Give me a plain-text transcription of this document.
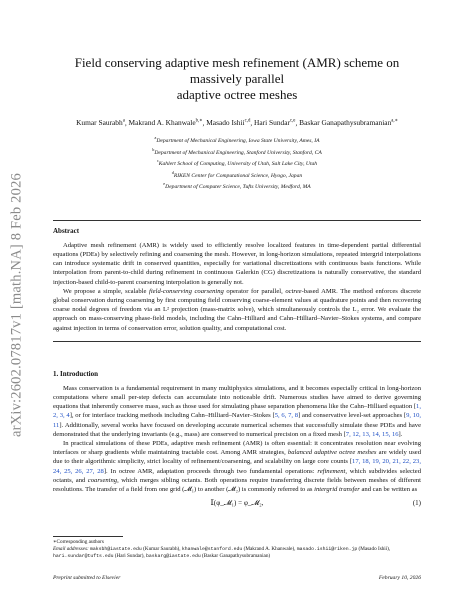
arXiv:2602.07817v1 [math.NA] 8 Feb 2026
Field conserving adaptive mesh refinement (AMR) scheme on massively parallel
adaptive octree meshes
Kumar Saurabh$^a$, Makrand A. Khanwale$^{b,∗}$, Masado Ishii$^{c,d}$, Hari Sundar$^{c,e}$, Baskar Ganapathysubramanian$^{a,∗}$
$^a$Department of Mechanical Engineering, Iowa State University, Ames, IA
$^b$Department of Mechanical Engineering, Stanford University, Stanford, CA
$^c$Kahlert School of Computing, University of Utah, Salt Lake City, Utah
$^d$RIKEN Center for Computational Science, Hyogo, Japan
$^e$Department of Computer Science, Tufts University, Medford, MA
Abstract

Adaptive mesh refinement (AMR) is widely used to efficiently resolve localized features in time-dependent partial differential equations (PDEs) by selectively refining and coarsening the mesh. However, in long-horizon simulations, repeated intergrid interpolations can introduce systematic drift in conserved quantities, especially for variational discretizations with continuous basis functions. While interpolation from parent-to-child during refinement in continuous Galerkin (CG) discretizations is naturally conservative, the standard injection-based child-to-parent coarsening interpolation is generally not.

We propose a simple, scalable field-conserving coarsening operator for parallel, octree-based AMR. The method enforces discrete global conservation during coarsening by first computing field conserving coarse-element values at quadrature points and then recovering coarse nodal degrees of freedom via an L² projection (mass-matrix solve), which simultaneously controls the L₂ error. We evaluate the approach on mass-conserving phase-field models, including the Cahn–Hilliard and Cahn–Hilliard–Navier–Stokes systems, and compare against injection in terms of conservation error, solution quality, and computational cost.

1. Introduction

Mass conservation is a fundamental requirement in many multiphysics simulations, and it becomes especially critical in long-horizon computations where small per-step defects can accumulate into noticeable drift. Numerous studies have aimed to derive governing equations that inherently conserve mass, such as those used for simulating phase separation phenomena like the Cahn–Hilliard equation [1, 2, 3, 4], or for interface tracking methods including Cahn–Hilliard–Navier–Stokes [5, 6, 7, 8] and conservative level-set approaches [9, 10, 11]. Additionally, several works have focused on developing accurate numerical schemes that successfully simulate these PDEs and have demonstrated that the underlying invariants (e.g., mass) are conserved to numerical precision on a fixed mesh [7, 12, 13, 14, 15, 16].

In practical simulations of these PDEs, adaptive mesh refinement (AMR) is often essential: it concentrates resolution near evolving interfaces or sharp gradients while maintaining tractable cost. Among AMR strategies, balanced adaptive octree meshes are widely used due to their algorithmic simplicity, strict locality of refinement/coarsening, and scalability on large core counts [17, 18, 19, 20, 21, 22, 23, 24, 25, 26, 27, 28]. In octree AMR, adaptation proceeds through two fundamental operations: refinement, which subdivides selected octants, and coarsening, which merges sibling octants. Both operations require transferring discrete fields between meshes of different resolutions. The transfer of a field from one grid (𝓜₁) to another (𝓜₂) is commonly referred to as intergrid transfer and can be written as

𝕀(φ_𝓜₁) = φ_𝓜₂,	(1)
∗Corresponding authors
Email addresses: maksbh@iastate.edu (Kumar Saurabh), khanwale@stanford.edu (Makrand A. Khanwale), masado.ishii@riken.jp (Masado Ishii), hari.sundar@tufts.edu (Hari Sundar), baskarg@iastate.edu (Baskar Ganapathysubramanian)
Preprint submitted to Elsevier	February 10, 2026
